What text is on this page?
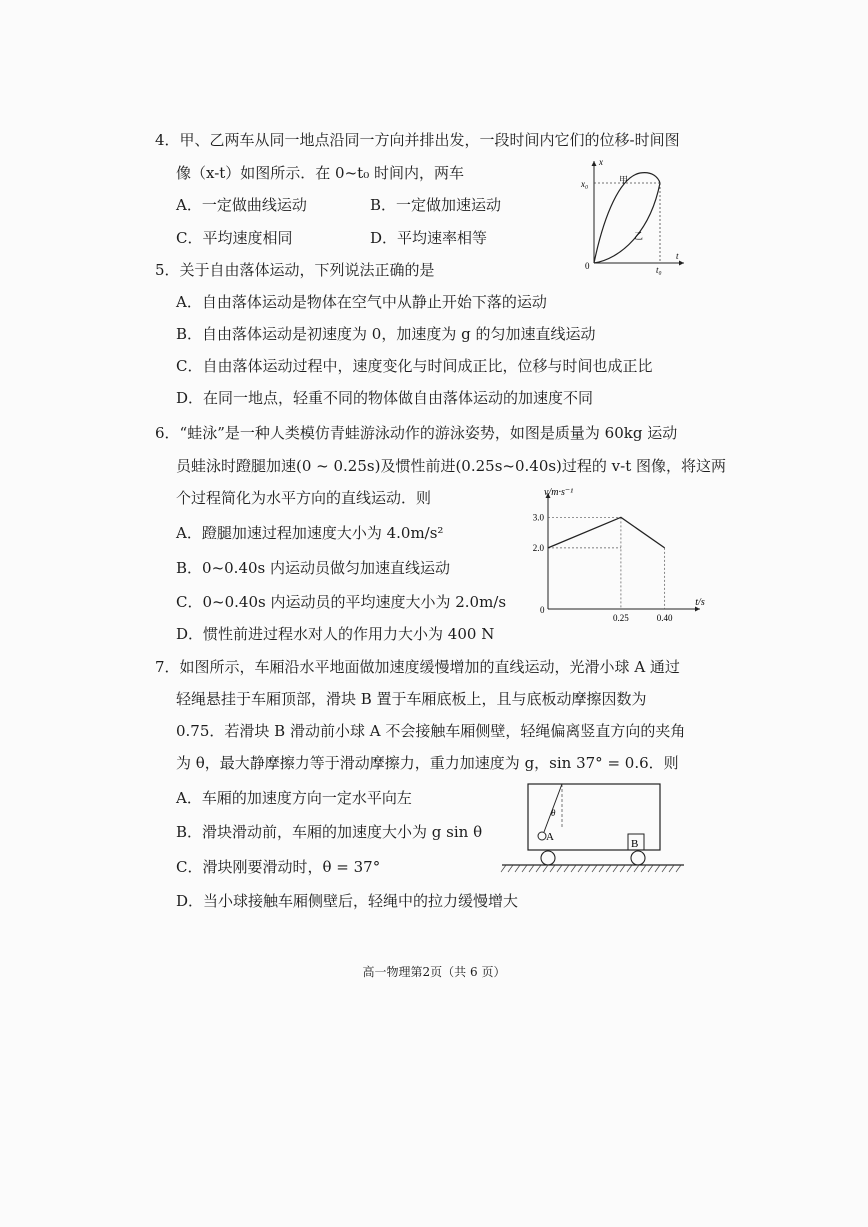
4．甲、乙两车从同一地点沿同一方向并排出发，一段时间内它们的位移-时间图
像（x-t）如图所示．在 0~t₀ 时间内，两车
A．一定做曲线运动	B．一定做加速运动
C．平均速度相同	D．平均速率相等
x
t
x₀
t₀
0
甲
乙
5．关于自由落体运动，下列说法正确的是
A．自由落体运动是物体在空气中从静止开始下落的运动
B．自由落体运动是初速度为 0，加速度为 g 的匀加速直线运动
C．自由落体运动过程中，速度变化与时间成正比，位移与时间也成正比
D．在同一地点，轻重不同的物体做自由落体运动的加速度不同
6．“蛙泳”是一种人类模仿青蛙游泳动作的游泳姿势，如图是质量为 60kg 运动
员蛙泳时蹬腿加速(0 ~ 0.25s)及惯性前进(0.25s~0.40s)过程的 v-t 图像，将这两
个过程简化为水平方向的直线运动．则
A．蹬腿加速过程加速度大小为 4.0m/s²
B．0~0.40s 内运动员做匀加速直线运动
C．0~0.40s 内运动员的平均速度大小为 2.0m/s
D．惯性前进过程水对人的作用力大小为 400 N
2.0
3.0
0.25	0.40
0
v/m·s⁻¹
t/s
7．如图所示，车厢沿水平地面做加速度缓慢增加的直线运动，光滑小球 A 通过
轻绳悬挂于车厢顶部，滑块 B 置于车厢底板上，且与底板动摩擦因数为
0.75．若滑块 B 滑动前小球 A 不会接触车厢侧壁，轻绳偏离竖直方向的夹角
为 θ，最大静摩擦力等于滑动摩擦力，重力加速度为 g，sin 37° = 0.6．则
A．车厢的加速度方向一定水平向左
B．滑块滑动前，车厢的加速度大小为 g sin θ
C．滑块刚要滑动时，θ = 37°
D．当小球接触车厢侧壁后，轻绳中的拉力缓慢增大
A
θ
B
高一物理第2页（共 6 页）
